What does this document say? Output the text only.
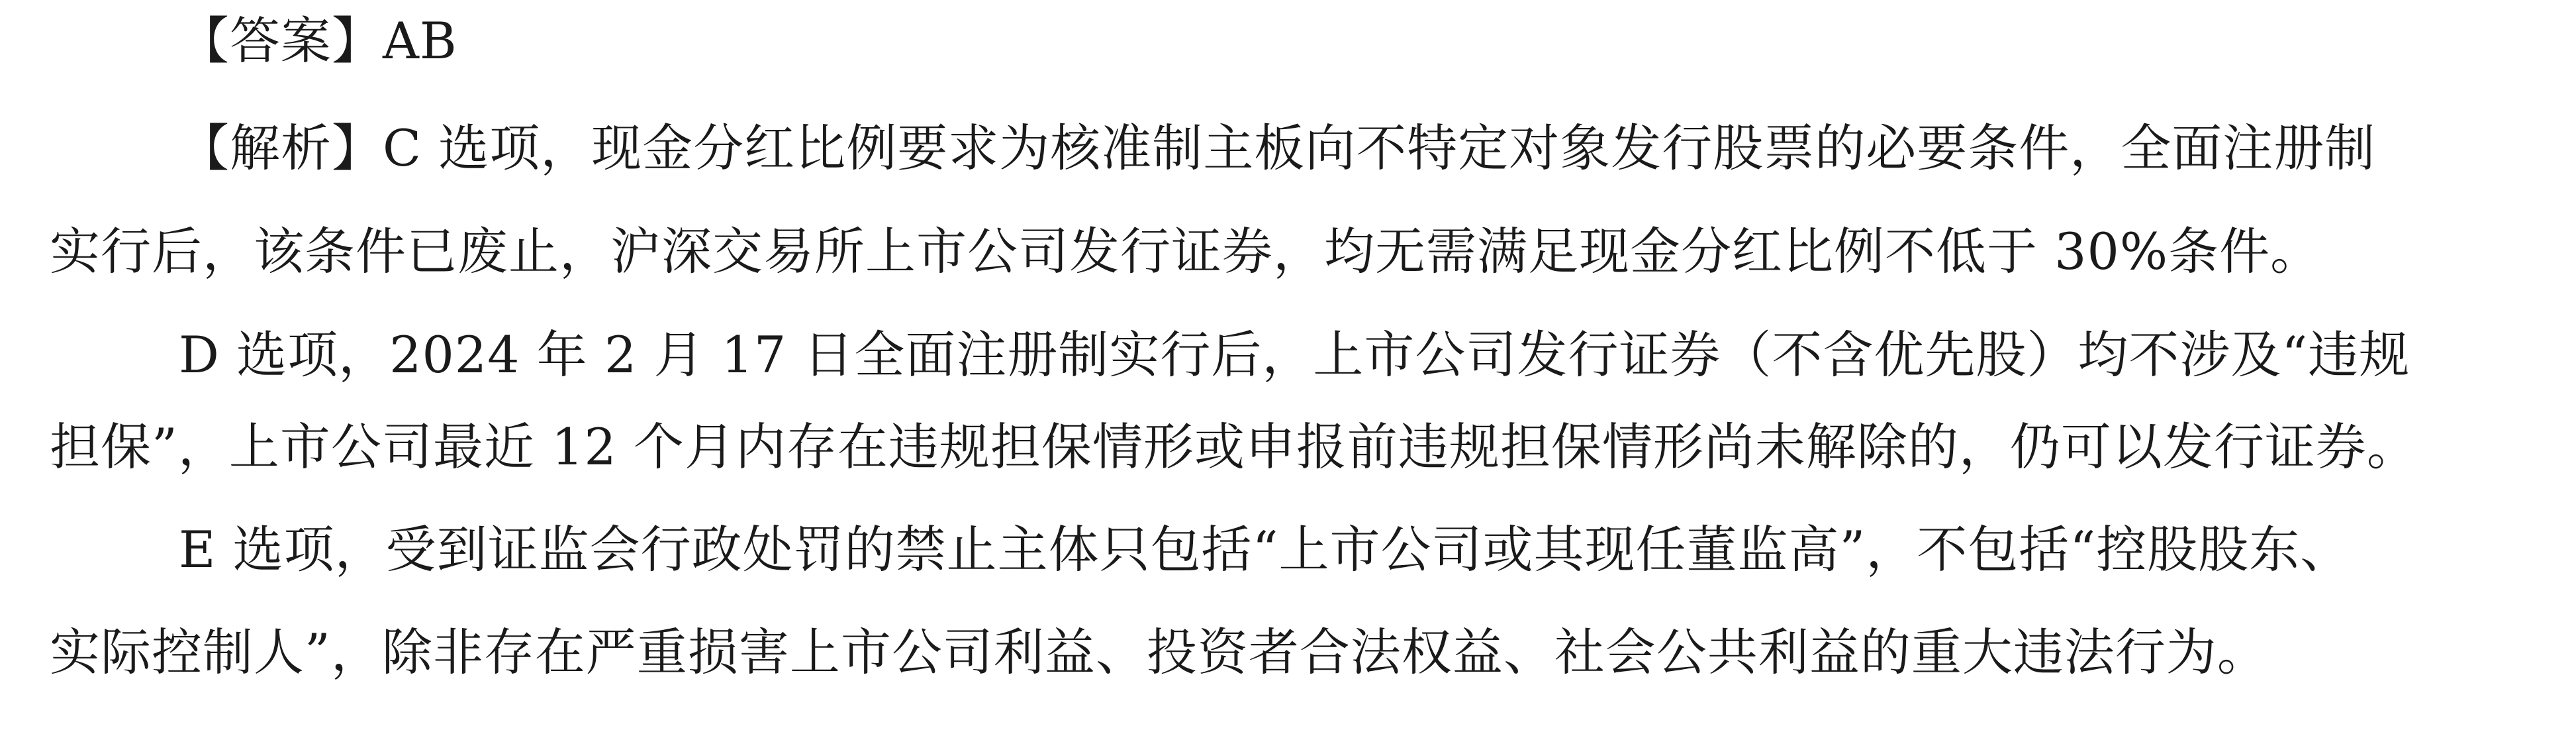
【答案】AB
【解析】C 选项，现金分红比例要求为核准制主板向不特定对象发行股票的必要条件，全面注册制
实行后，该条件已废止，沪深交易所上市公司发行证券，均无需满足现金分红比例不低于 30%条件。
D 选项，2024 年 2 月 17 日全面注册制实行后，上市公司发行证券（不含优先股）均不涉及“违规
担保”，上市公司最近 12 个月内存在违规担保情形或申报前违规担保情形尚未解除的，仍可以发行证券。
E 选项，受到证监会行政处罚的禁止主体只包括“上市公司或其现任董监高”，不包括“控股股东、
实际控制人”，除非存在严重损害上市公司利益、投资者合法权益、社会公共利益的重大违法行为。
